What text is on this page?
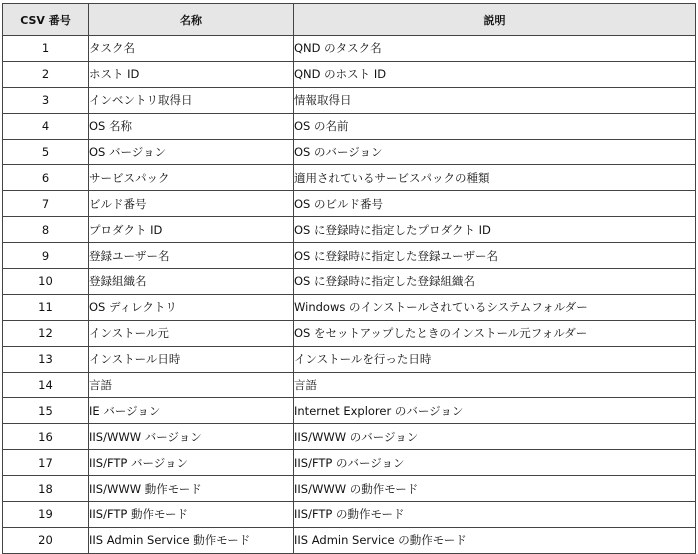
CSV 番号	名称	説明
1	タスク名	QND のタスク名
2	ホスト ID	QND のホスト ID
3	インベントリ取得日	情報取得日
4	OS 名称	OS の名前
5	OS バージョン	OS のバージョン
6	サービスパック	適用されているサービスパックの種類
7	ビルド番号	OS のビルド番号
8	プロダクト ID	OS に登録時に指定したプロダクト ID
9	登録ユーザー名	OS に登録時に指定した登録ユーザー名
10	登録組織名	OS に登録時に指定した登録組織名
11	OS ディレクトリ	Windows のインストールされているシステムフォルダー
12	インストール元	OS をセットアップしたときのインストール元フォルダー
13	インストール日時	インストールを行った日時
14	言語	言語
15	IE バージョン	Internet Explorer のバージョン
16	IIS/WWW バージョン	IIS/WWW のバージョン
17	IIS/FTP バージョン	IIS/FTP のバージョン
18	IIS/WWW 動作モード	IIS/WWW の動作モード
19	IIS/FTP 動作モード	IIS/FTP の動作モード
20	IIS Admin Service 動作モード	IIS Admin Service の動作モード
